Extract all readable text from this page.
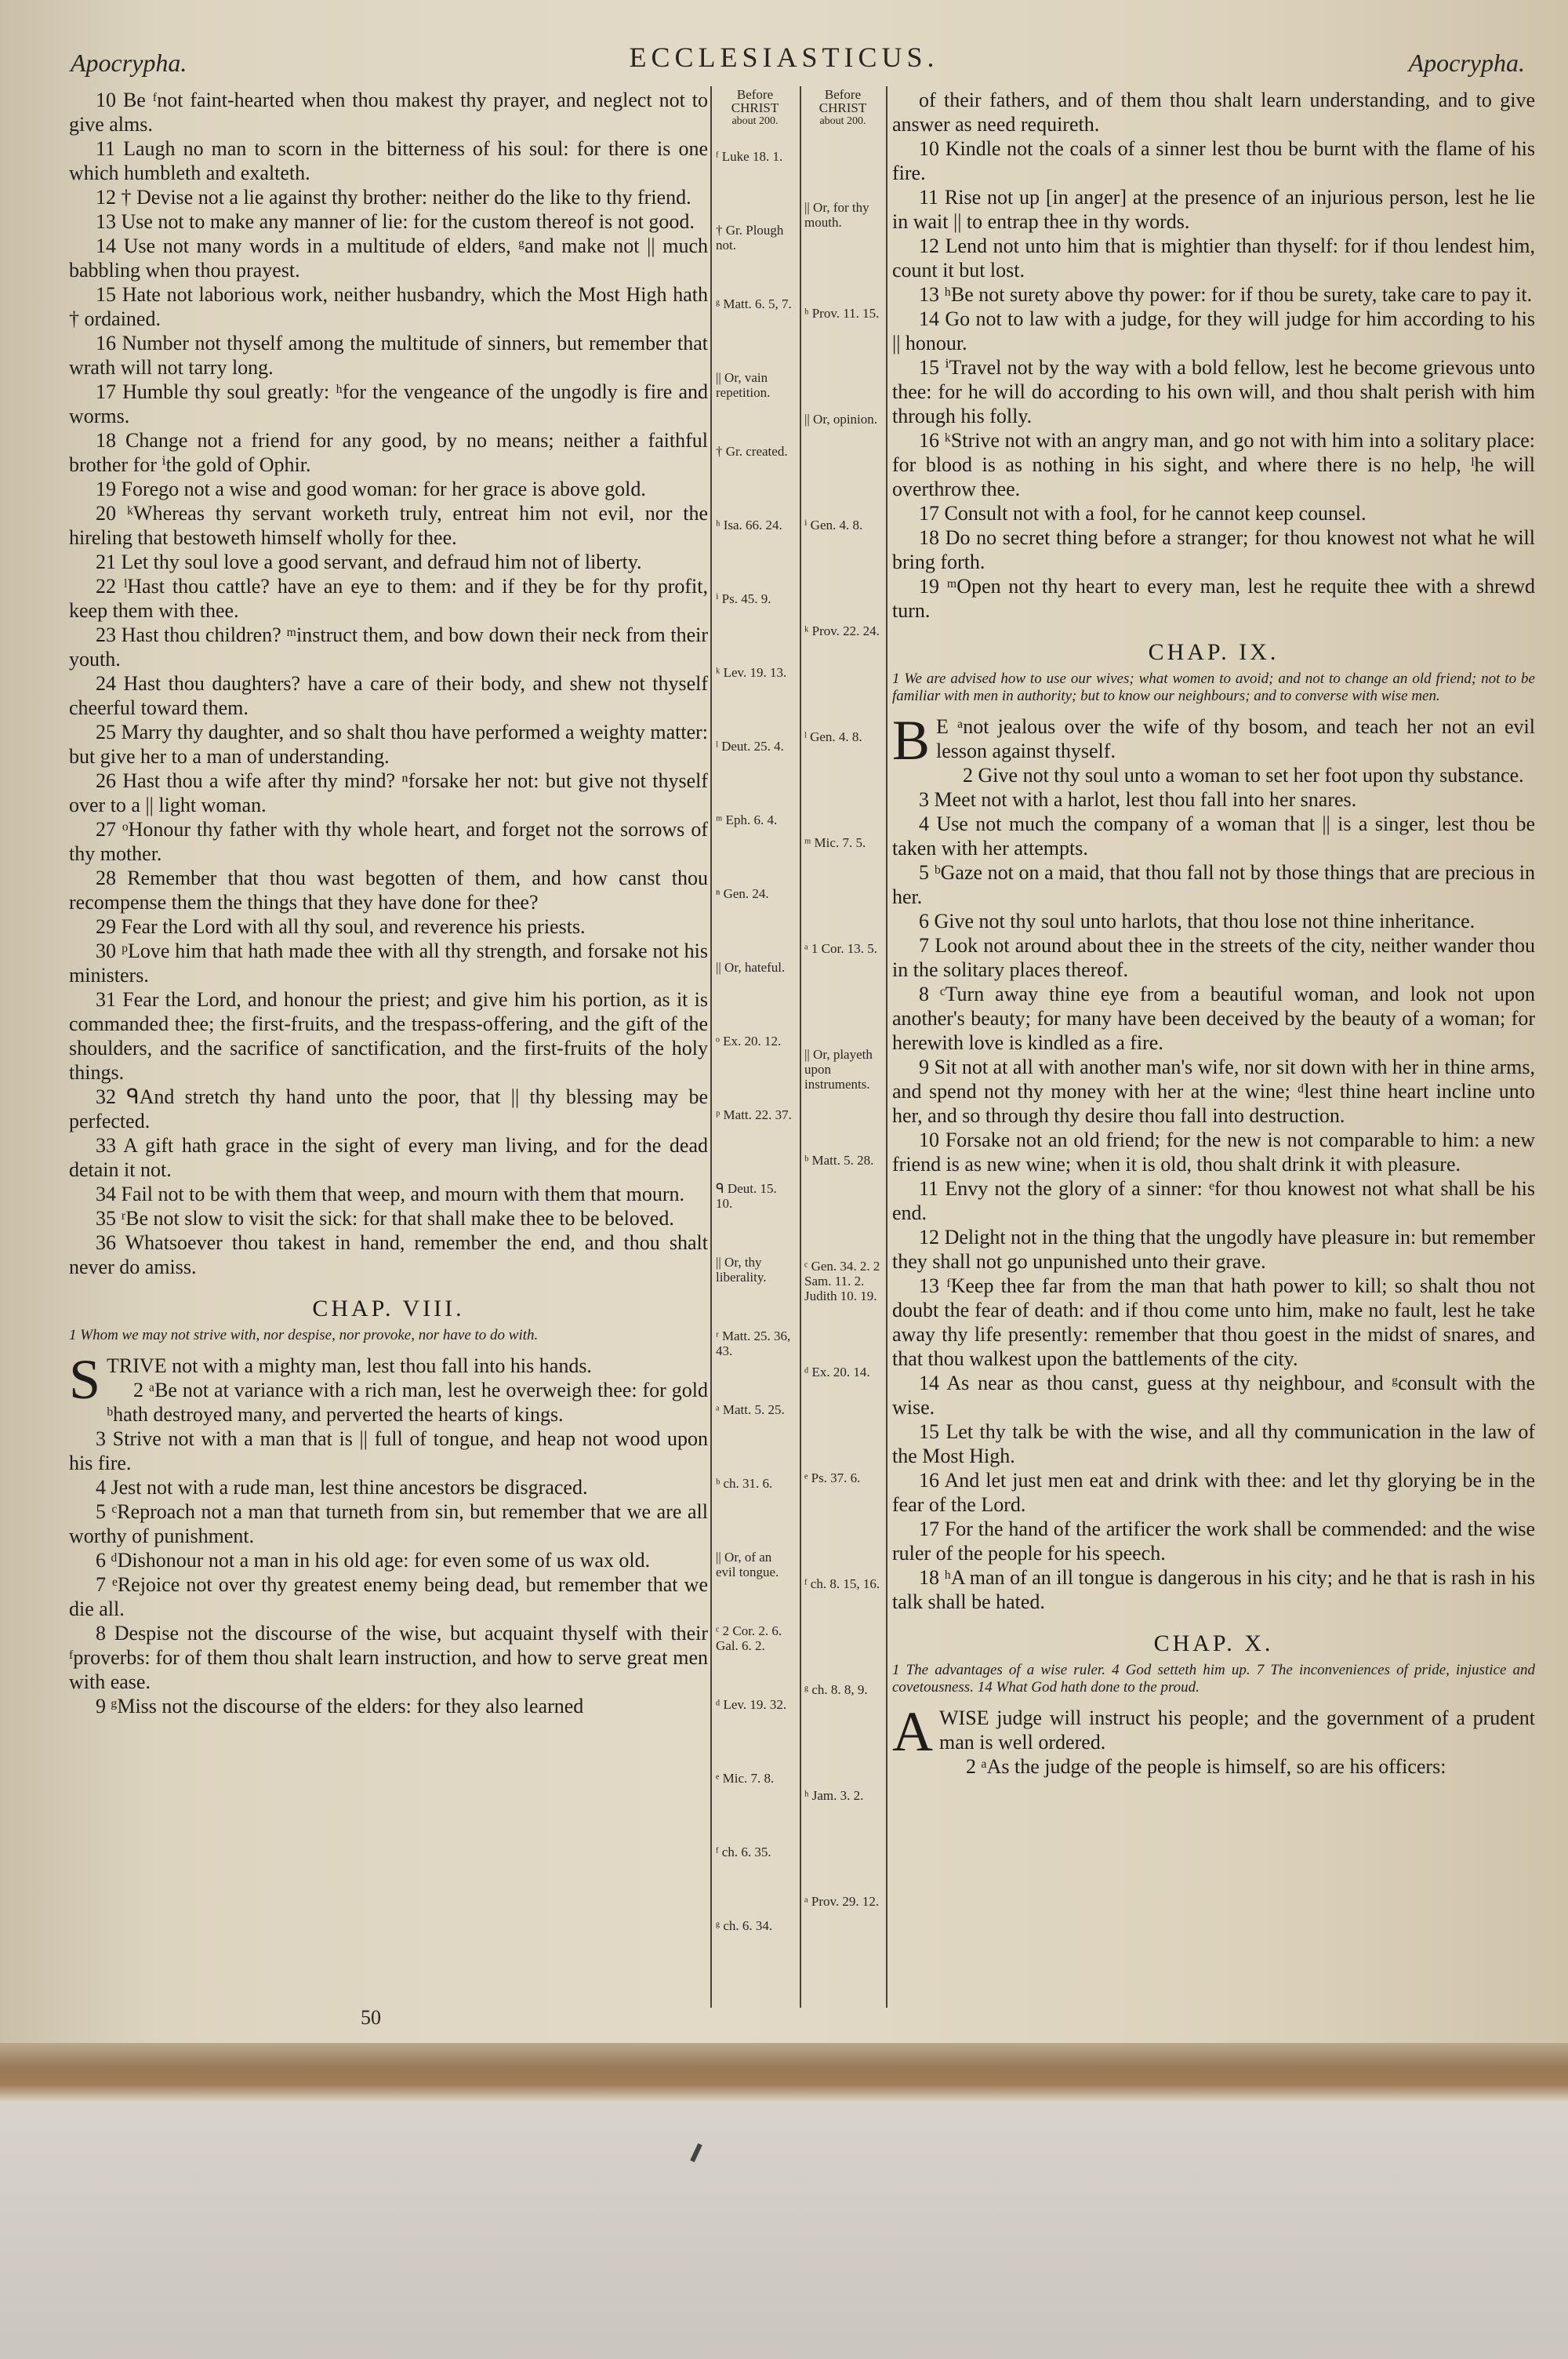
Apocrypha.	ECCLESIASTICUS.	Apocrypha.
Before
CHRIST
about 200.
Before
CHRIST
about 200.
ᶠ Luke 18. 1.
† Gr. Plough not.
ᵍ Matt. 6. 5, 7.
|| Or, vain repetition.
† Gr. created.
ʰ Isa. 66. 24.
ⁱ Ps. 45. 9.
ᵏ Lev. 19. 13.
ˡ Deut. 25. 4.
ᵐ Eph. 6. 4.
ⁿ Gen. 24.
|| Or, hateful.
ᵒ Ex. 20. 12.
ᵖ Matt. 22. 37.
ᑫ Deut. 15. 10.
|| Or, thy liberality.
ʳ Matt. 25. 36, 43.
ᵃ Matt. 5. 25.
ᵇ ch. 31. 6.
|| Or, of an evil tongue.
ᶜ 2 Cor. 2. 6. Gal. 6. 2.
ᵈ Lev. 19. 32.
ᵉ Mic. 7. 8.
ᶠ ch. 6. 35.
ᵍ ch. 6. 34.
|| Or, for thy mouth.
ʰ Prov. 11. 15.
|| Or, opinion.
ⁱ Gen. 4. 8.
ᵏ Prov. 22. 24.
ˡ Gen. 4. 8.
ᵐ Mic. 7. 5.
ᵃ 1 Cor. 13. 5.
|| Or, playeth upon instruments.
ᵇ Matt. 5. 28.
ᶜ Gen. 34. 2. 2 Sam. 11. 2. Judith 10. 19.
ᵈ Ex. 20. 14.
ᵉ Ps. 37. 6.
ᶠ ch. 8. 15, 16.
ᵍ ch. 8. 8, 9.
ʰ Jam. 3. 2.
ᵃ Prov. 29. 12.

10 Be ᶠnot faint-hearted when thou makest thy prayer, and neglect not to give alms.

11 Laugh no man to scorn in the bitterness of his soul: for there is one which humbleth and exalteth.

12 † Devise not a lie against thy brother: neither do the like to thy friend.

13 Use not to make any manner of lie: for the custom thereof is not good.

14 Use not many words in a multitude of elders, ᵍand make not || much babbling when thou prayest.

15 Hate not laborious work, neither husbandry, which the Most High hath † ordained.

16 Number not thyself among the multitude of sinners, but remember that wrath will not tarry long.

17 Humble thy soul greatly: ʰfor the vengeance of the ungodly is fire and worms.

18 Change not a friend for any good, by no means; neither a faithful brother for ⁱthe gold of Ophir.

19 Forego not a wise and good woman: for her grace is above gold.

20 ᵏWhereas thy servant worketh truly, entreat him not evil, nor the hireling that bestoweth himself wholly for thee.

21 Let thy soul love a good servant, and defraud him not of liberty.

22 ˡHast thou cattle? have an eye to them: and if they be for thy profit, keep them with thee.

23 Hast thou children? ᵐinstruct them, and bow down their neck from their youth.

24 Hast thou daughters? have a care of their body, and shew not thyself cheerful toward them.

25 Marry thy daughter, and so shalt thou have performed a weighty matter: but give her to a man of understanding.

26 Hast thou a wife after thy mind? ⁿforsake her not: but give not thyself over to a || light woman.

27 ᵒHonour thy father with thy whole heart, and forget not the sorrows of thy mother.

28 Remember that thou wast begotten of them, and how canst thou recompense them the things that they have done for thee?

29 Fear the Lord with all thy soul, and reverence his priests.

30 ᵖLove him that hath made thee with all thy strength, and forsake not his ministers.

31 Fear the Lord, and honour the priest; and give him his portion, as it is commanded thee; the first-fruits, and the trespass-offering, and the gift of the shoulders, and the sacrifice of sanctification, and the first-fruits of the holy things.

32 ᑫAnd stretch thy hand unto the poor, that || thy blessing may be perfected.

33 A gift hath grace in the sight of every man living, and for the dead detain it not.

34 Fail not to be with them that weep, and mourn with them that mourn.

35 ʳBe not slow to visit the sick: for that shall make thee to be beloved.

36 Whatsoever thou takest in hand, remember the end, and thou shalt never do amiss.

CHAP. VIII.
1 Whom we may not strive with, nor despise, nor provoke, nor have to do with.

STRIVE not with a mighty man, lest thou fall into his hands.

2 ᵃBe not at variance with a rich man, lest he overweigh thee: for gold ᵇhath destroyed many, and perverted the hearts of kings.

3 Strive not with a man that is || full of tongue, and heap not wood upon his fire.

4 Jest not with a rude man, lest thine ancestors be disgraced.

5 ᶜReproach not a man that turneth from sin, but remember that we are all worthy of punishment.

6 ᵈDishonour not a man in his old age: for even some of us wax old.

7 ᵉRejoice not over thy greatest enemy being dead, but remember that we die all.

8 Despise not the discourse of the wise, but acquaint thyself with their ᶠproverbs: for of them thou shalt learn instruction, and how to serve great men with ease.

9 ᵍMiss not the discourse of the elders: for they also learned

of their fathers, and of them thou shalt learn understanding, and to give answer as need requireth.

10 Kindle not the coals of a sinner lest thou be burnt with the flame of his fire.

11 Rise not up [in anger] at the presence of an injurious person, lest he lie in wait || to entrap thee in thy words.

12 Lend not unto him that is mightier than thyself: for if thou lendest him, count it but lost.

13 ʰBe not surety above thy power: for if thou be surety, take care to pay it.

14 Go not to law with a judge, for they will judge for him according to his || honour.

15 ⁱTravel not by the way with a bold fellow, lest he become grievous unto thee: for he will do according to his own will, and thou shalt perish with him through his folly.

16 ᵏStrive not with an angry man, and go not with him into a solitary place: for blood is as nothing in his sight, and where there is no help, ˡhe will overthrow thee.

17 Consult not with a fool, for he cannot keep counsel.

18 Do no secret thing before a stranger; for thou knowest not what he will bring forth.

19 ᵐOpen not thy heart to every man, lest he requite thee with a shrewd turn.

CHAP. IX.
1 We are advised how to use our wives; what women to avoid; and not to change an old friend; not to be familiar with men in authority; but to know our neighbours; and to converse with wise men.

B E ᵃnot jealous over the wife of thy bosom, and teach her not an evil lesson against thyself.

2 Give not thy soul unto a woman to set her foot upon thy substance.

3 Meet not with a harlot, lest thou fall into her snares.

4 Use not much the company of a woman that || is a singer, lest thou be taken with her attempts.

5 ᵇGaze not on a maid, that thou fall not by those things that are precious in her.

6 Give not thy soul unto harlots, that thou lose not thine inheritance.

7 Look not around about thee in the streets of the city, neither wander thou in the solitary places thereof.

8 ᶜTurn away thine eye from a beautiful woman, and look not upon another's beauty; for many have been deceived by the beauty of a woman; for herewith love is kindled as a fire.

9 Sit not at all with another man's wife, nor sit down with her in thine arms, and spend not thy money with her at the wine; ᵈlest thine heart incline unto her, and so through thy desire thou fall into destruction.

10 Forsake not an old friend; for the new is not comparable to him: a new friend is as new wine; when it is old, thou shalt drink it with pleasure.

11 Envy not the glory of a sinner: ᵉfor thou knowest not what shall be his end.

12 Delight not in the thing that the ungodly have pleasure in: but remember they shall not go unpunished unto their grave.

13 ᶠKeep thee far from the man that hath power to kill; so shalt thou not doubt the fear of death: and if thou come unto him, make no fault, lest he take away thy life presently: remember that thou goest in the midst of snares, and that thou walkest upon the battlements of the city.

14 As near as thou canst, guess at thy neighbour, and ᵍconsult with the wise.

15 Let thy talk be with the wise, and all thy communication in the law of the Most High.

16 And let just men eat and drink with thee: and let thy glorying be in the fear of the Lord.

17 For the hand of the artificer the work shall be commended: and the wise ruler of the people for his speech.

18 ʰA man of an ill tongue is dangerous in his city; and he that is rash in his talk shall be hated.

CHAP. X.
1 The advantages of a wise ruler. 4 God setteth him up. 7 The inconveniences of pride, injustice and covetousness. 14 What God hath done to the proud.

AWISE judge will instruct his people; and the government of a prudent man is well ordered.

2 ᵃAs the judge of the people is himself, so are his officers:

50
